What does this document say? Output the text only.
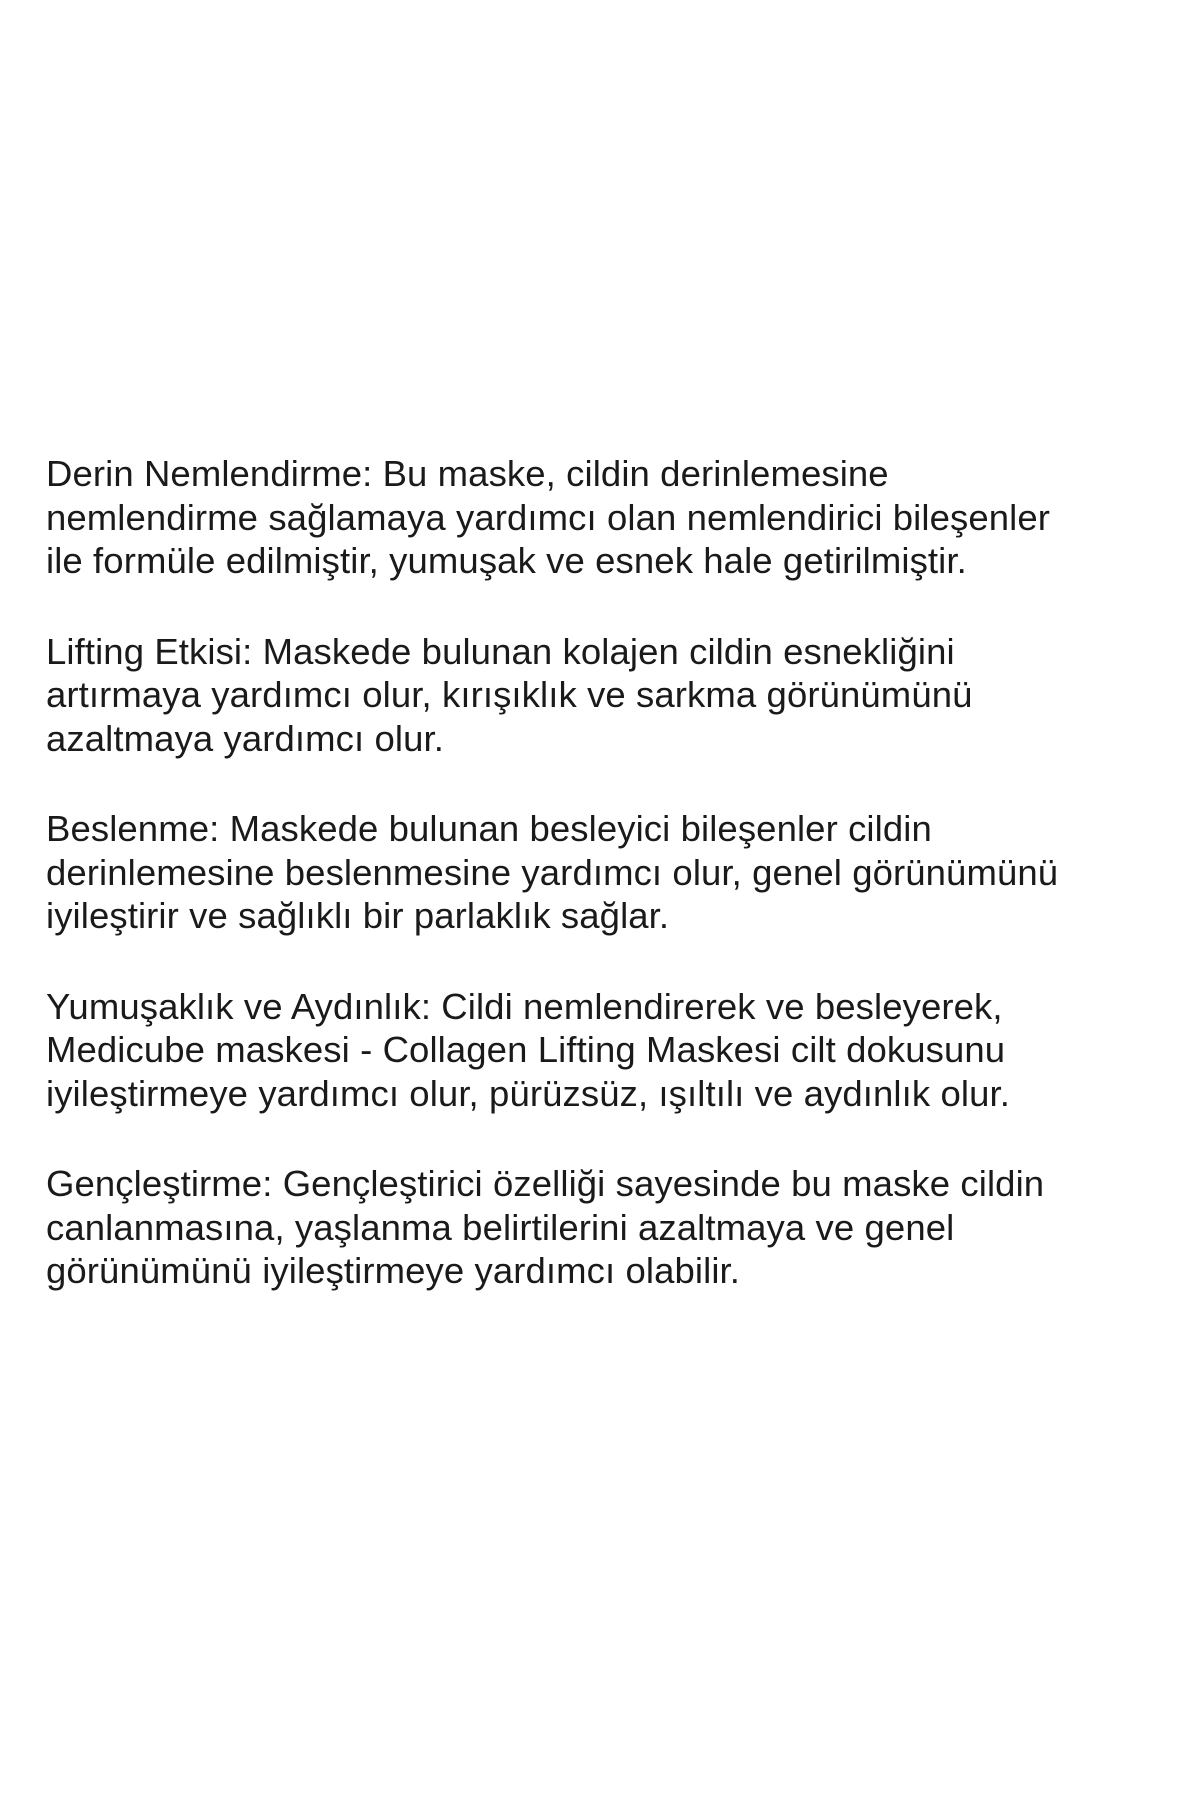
Derin Nemlendirme: Bu maske, cildin derinlemesine
nemlendirme sağlamaya yardımcı olan nemlendirici bileşenler
ile formüle edilmiştir, yumuşak ve esnek hale getirilmiştir.
Lifting Etkisi: Maskede bulunan kolajen cildin esnekliğini
artırmaya yardımcı olur, kırışıklık ve sarkma görünümünü
azaltmaya yardımcı olur.
Beslenme: Maskede bulunan besleyici bileşenler cildin
derinlemesine beslenmesine yardımcı olur, genel görünümünü
iyileştirir ve sağlıklı bir parlaklık sağlar.
Yumuşaklık ve Aydınlık: Cildi nemlendirerek ve besleyerek,
Medicube maskesi - Collagen Lifting Maskesi cilt dokusunu
iyileştirmeye yardımcı olur, pürüzsüz, ışıltılı ve aydınlık olur.
Gençleştirme: Gençleştirici özelliği sayesinde bu maske cildin
canlanmasına, yaşlanma belirtilerini azaltmaya ve genel
görünümünü iyileştirmeye yardımcı olabilir.
